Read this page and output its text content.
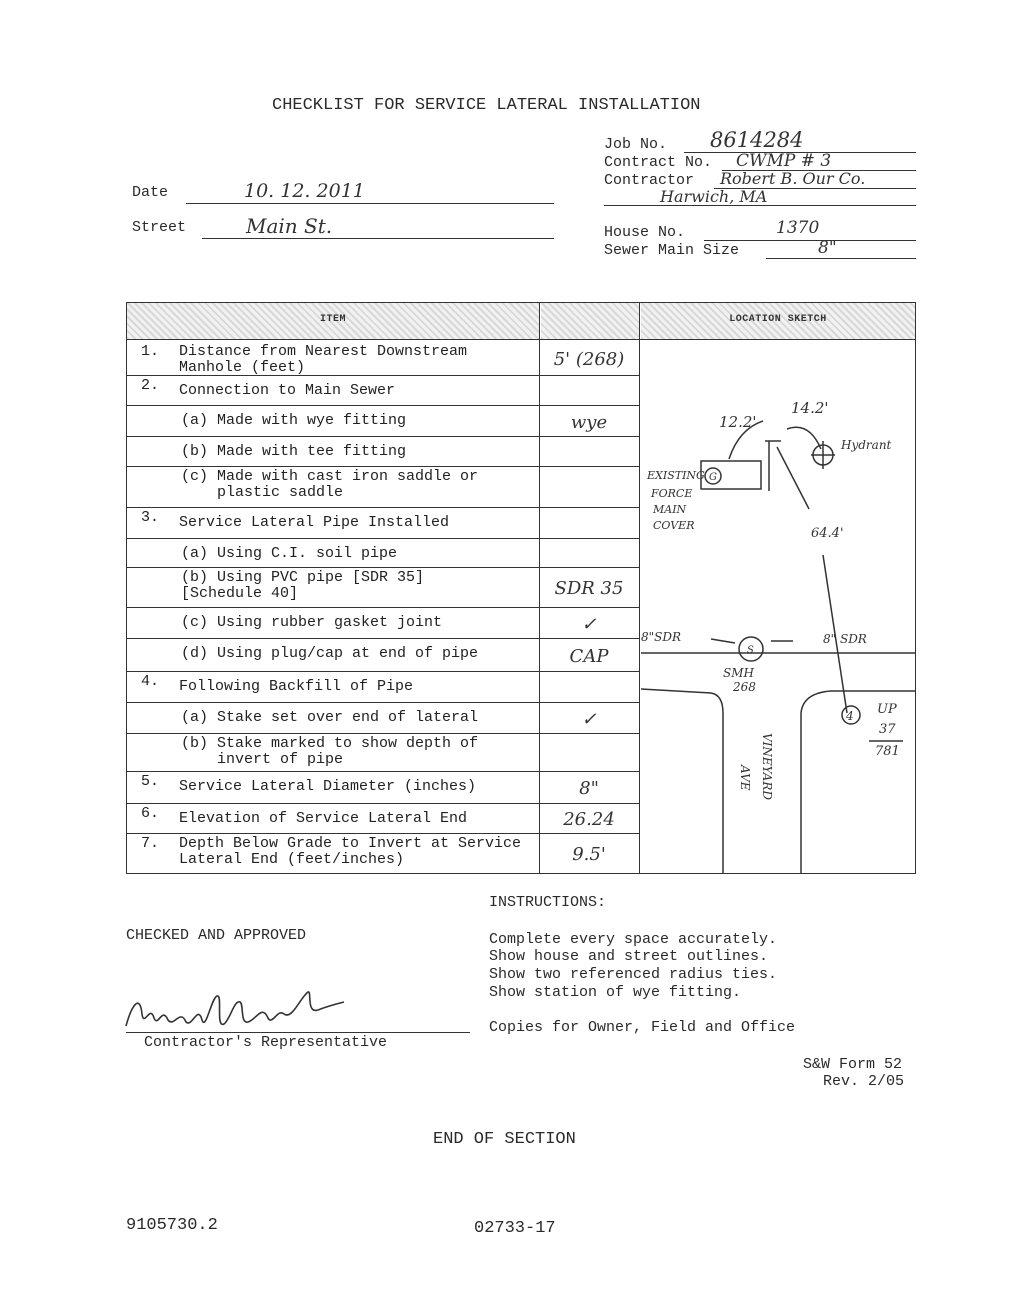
CHECKLIST FOR SERVICE LATERAL INSTALLATION
Job No. 8614284
Contract No. CWMP # 3
Contractor Robert B. Our Co.
Harwich, MA
House No.	1370
Sewer Main Size	8"
Date	10. 12. 2011
Street	Main St.
ITEM	LOCATION SKETCH
1. Distance from Nearest Downstream
Manhole (feet)	5' (268)
2. Connection to Main Sewer
(a) Made with wye fitting	wye
(b) Made with tee fitting
(c) Made with cast iron saddle or
plastic saddle
3. Service Lateral Pipe Installed
(a) Using C.I. soil pipe
(b) Using PVC pipe [SDR 35]
[Schedule 40]	SDR 35
(c) Using rubber gasket joint	✓
(d) Using plug/cap at end of pipe	CAP
4. Following Backfill of Pipe
(a) Stake set over end of lateral	✓
(b) Stake marked to show depth of
invert of pipe
5. Service Lateral Diameter (inches)	8"
6. Elevation of Service Lateral End	26.24
7. Depth Below Grade to Invert at Service
Lateral End (feet/inches)	9.5'
12.2'
14.2'
Hydrant
EXISTING
FORCE
MAIN
COVER
64.4'
8"SDR	8" SDR
S
G
SMH
268
4 UP
37
781
AVE VINEYARD
CHECKED AND APPROVED
Contractor's Representative
INSTRUCTIONS:
Complete every space accurately.
Show house and street outlines.
Show two referenced radius ties.
Show station of wye fitting.
Copies for Owner, Field and Office
S&W Form 52
Rev. 2/05
END OF SECTION
9105730.2	02733-17
